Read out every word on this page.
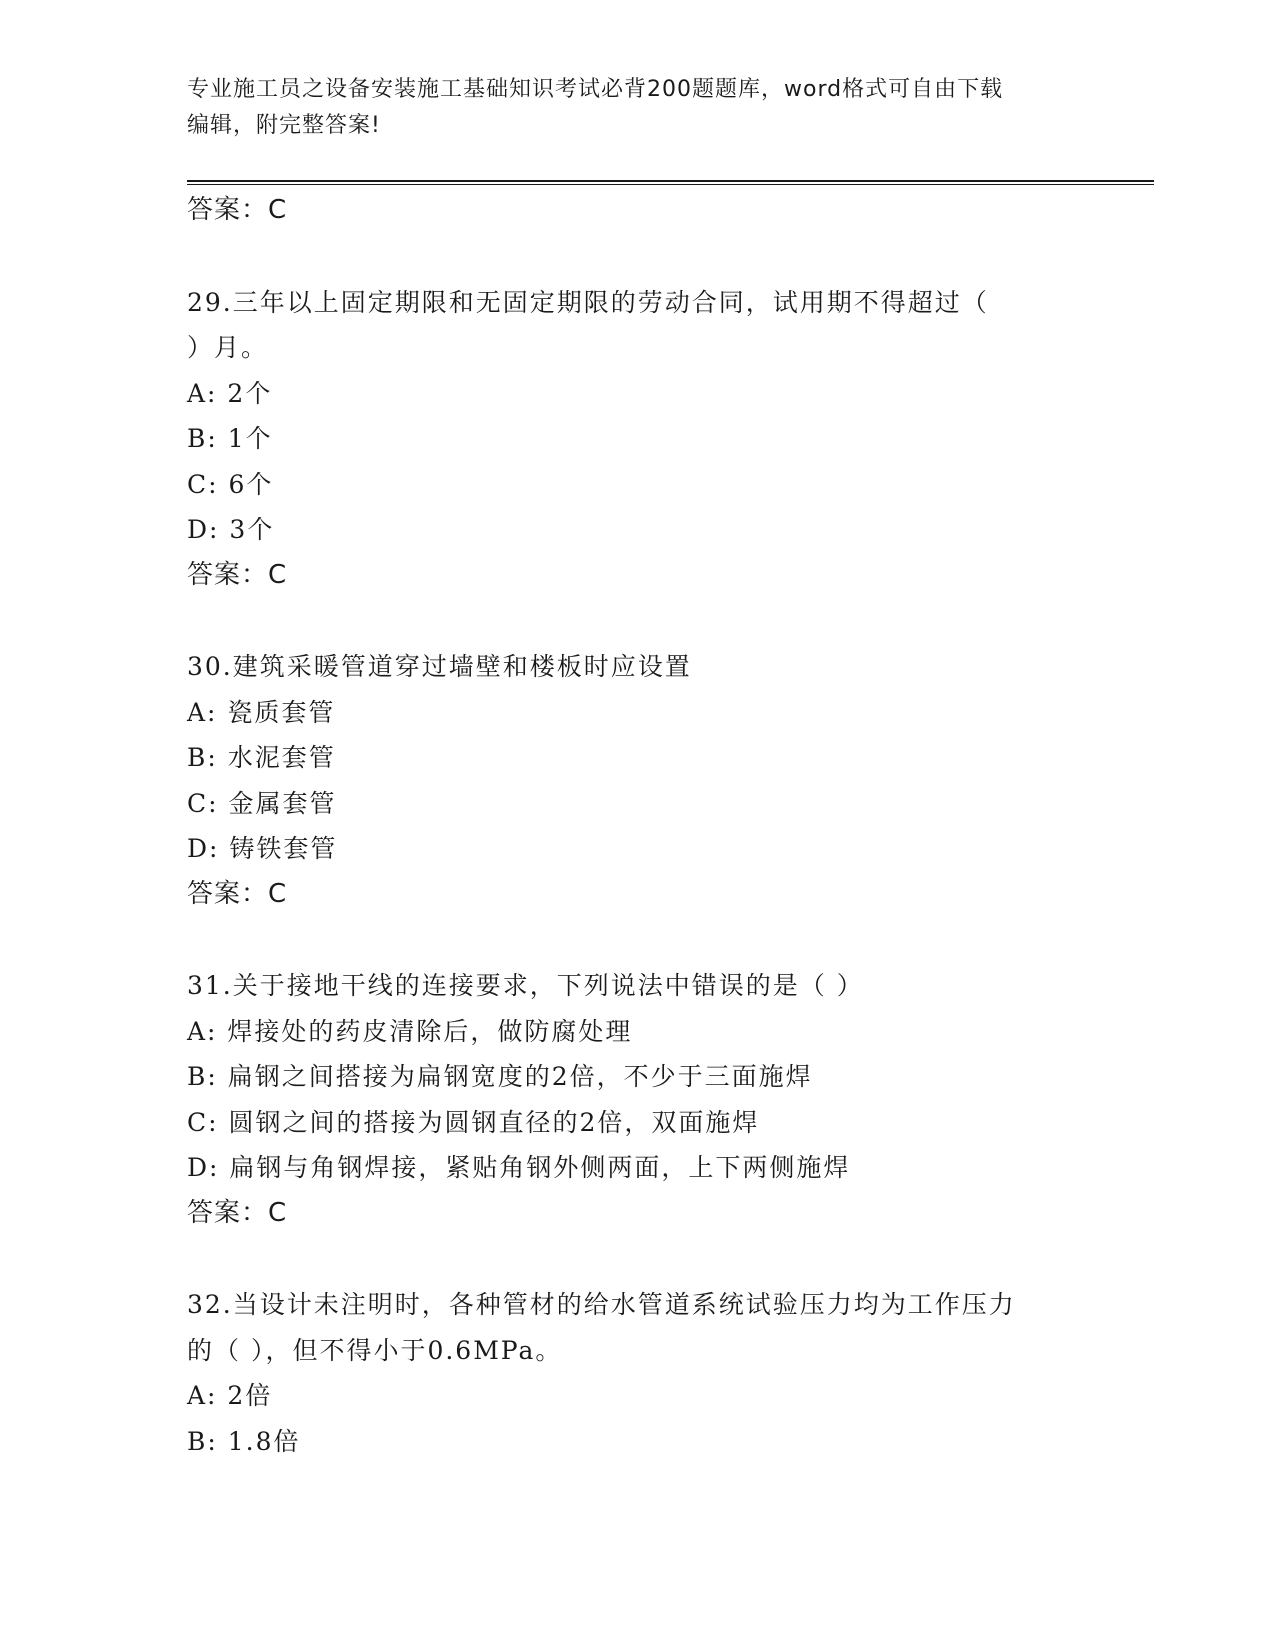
专业施工员之设备安装施工基础知识考试必背200题题库，word格式可自由下载
编辑，附完整答案!
答案：C
29.三年以上固定期限和无固定期限的劳动合同，试用期不得超过（
）月。
A: 2个
B: 1个
C: 6个
D: 3个
答案：C
30.建筑采暖管道穿过墙壁和楼板时应设置
A: 瓷质套管
B: 水泥套管
C: 金属套管
D: 铸铁套管
答案：C
31.关于接地干线的连接要求，下列说法中错误的是（ ）
A: 焊接处的药皮清除后，做防腐处理
B: 扁钢之间搭接为扁钢宽度的2倍，不少于三面施焊
C: 圆钢之间的搭接为圆钢直径的2倍，双面施焊
D: 扁钢与角钢焊接，紧贴角钢外侧两面，上下两侧施焊
答案：C
32.当设计未注明时，各种管材的给水管道系统试验压力均为工作压力
的（ ），但不得小于0.6MPa。
A: 2倍
B: 1.8倍
